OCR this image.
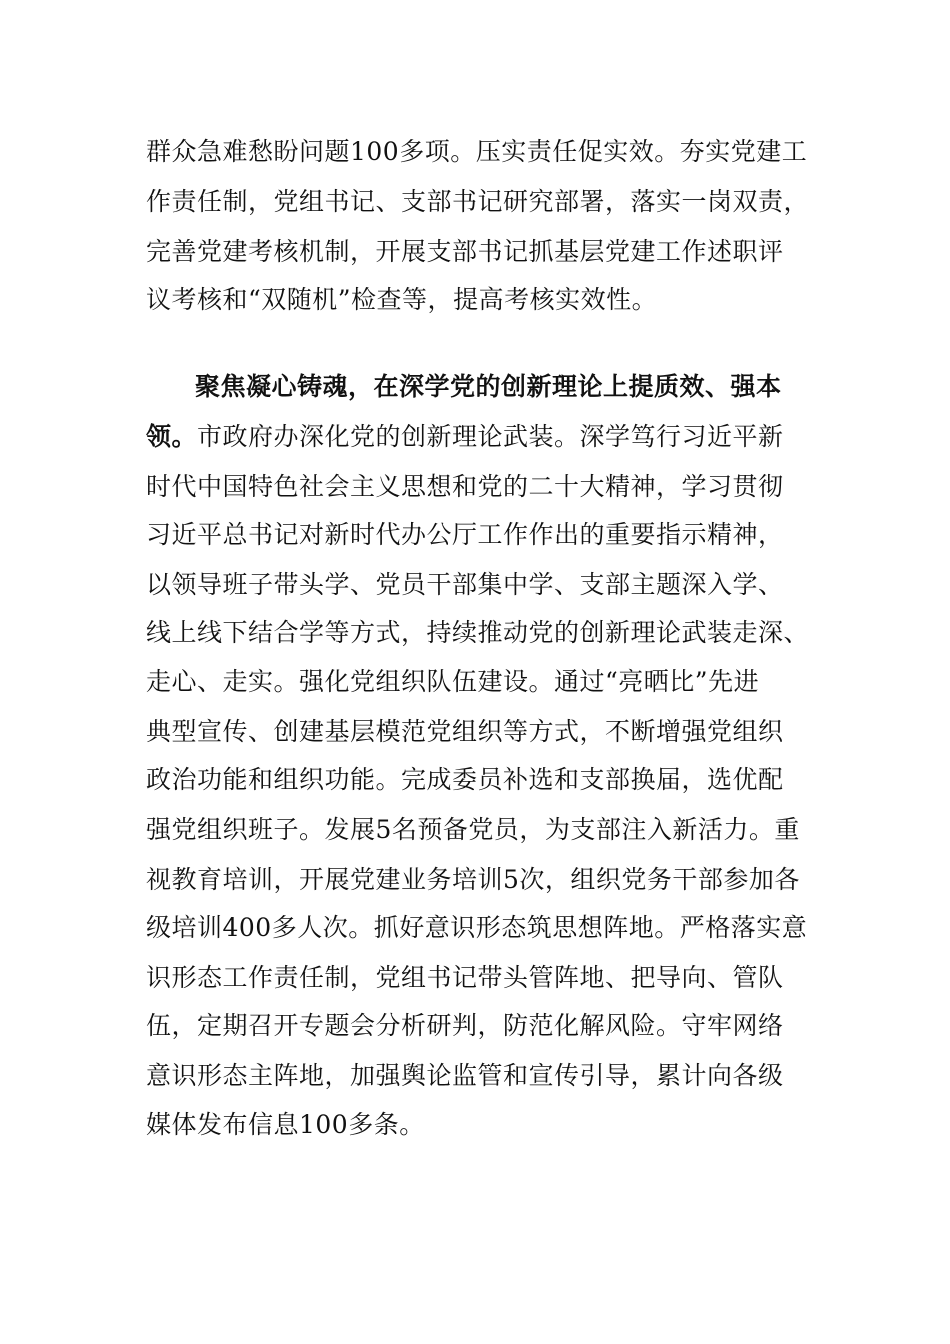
群众急难愁盼问题100多项。压实责任促实效。夯实党建工
作责任制，党组书记、支部书记研究部署，落实一岗双责，
完善党建考核机制，开展支部书记抓基层党建工作述职评
议考核和“双随机”检查等，提高考核实效性。
聚焦凝心铸魂，在深学党的创新理论上提质效、强本
领。市政府办深化党的创新理论武装。深学笃行习近平新
时代中国特色社会主义思想和党的二十大精神，学习贯彻
习近平总书记对新时代办公厅工作作出的重要指示精神，
以领导班子带头学、党员干部集中学、支部主题深入学、
线上线下结合学等方式，持续推动党的创新理论武装走深、
走心、走实。强化党组织队伍建设。通过“亮晒比”先进
典型宣传、创建基层模范党组织等方式，不断增强党组织
政治功能和组织功能。完成委员补选和支部换届，选优配
强党组织班子。发展5名预备党员，为支部注入新活力。重
视教育培训，开展党建业务培训5次，组织党务干部参加各
级培训400多人次。抓好意识形态筑思想阵地。严格落实意
识形态工作责任制，党组书记带头管阵地、把导向、管队
伍，定期召开专题会分析研判，防范化解风险。守牢网络
意识形态主阵地，加强舆论监管和宣传引导，累计向各级
媒体发布信息100多条。
